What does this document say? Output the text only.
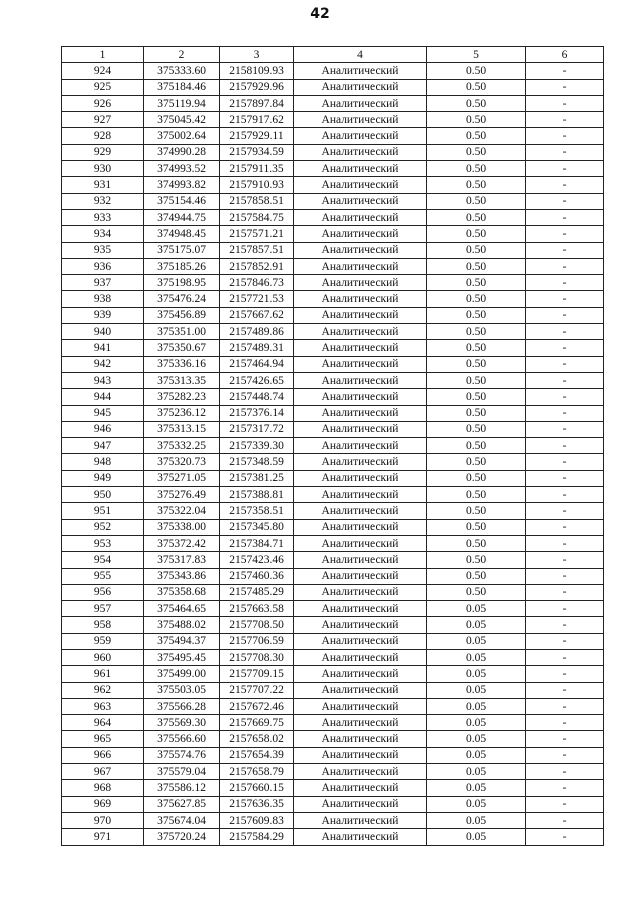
42
1	2	3	4	5	6
924	375333.60	2158109.93	Аналитический	0.50	-
925	375184.46	2157929.96	Аналитический	0.50	-
926	375119.94	2157897.84	Аналитический	0.50	-
927	375045.42	2157917.62	Аналитический	0.50	-
928	375002.64	2157929.11	Аналитический	0.50	-
929	374990.28	2157934.59	Аналитический	0.50	-
930	374993.52	2157911.35	Аналитический	0.50	-
931	374993.82	2157910.93	Аналитический	0.50	-
932	375154.46	2157858.51	Аналитический	0.50	-
933	374944.75	2157584.75	Аналитический	0.50	-
934	374948.45	2157571.21	Аналитический	0.50	-
935	375175.07	2157857.51	Аналитический	0.50	-
936	375185.26	2157852.91	Аналитический	0.50	-
937	375198.95	2157846.73	Аналитический	0.50	-
938	375476.24	2157721.53	Аналитический	0.50	-
939	375456.89	2157667.62	Аналитический	0.50	-
940	375351.00	2157489.86	Аналитический	0.50	-
941	375350.67	2157489.31	Аналитический	0.50	-
942	375336.16	2157464.94	Аналитический	0.50	-
943	375313.35	2157426.65	Аналитический	0.50	-
944	375282.23	2157448.74	Аналитический	0.50	-
945	375236.12	2157376.14	Аналитический	0.50	-
946	375313.15	2157317.72	Аналитический	0.50	-
947	375332.25	2157339.30	Аналитический	0.50	-
948	375320.73	2157348.59	Аналитический	0.50	-
949	375271.05	2157381.25	Аналитический	0.50	-
950	375276.49	2157388.81	Аналитический	0.50	-
951	375322.04	2157358.51	Аналитический	0.50	-
952	375338.00	2157345.80	Аналитический	0.50	-
953	375372.42	2157384.71	Аналитический	0.50	-
954	375317.83	2157423.46	Аналитический	0.50	-
955	375343.86	2157460.36	Аналитический	0.50	-
956	375358.68	2157485.29	Аналитический	0.50	-
957	375464.65	2157663.58	Аналитический	0.05	-
958	375488.02	2157708.50	Аналитический	0.05	-
959	375494.37	2157706.59	Аналитический	0.05	-
960	375495.45	2157708.30	Аналитический	0.05	-
961	375499.00	2157709.15	Аналитический	0.05	-
962	375503.05	2157707.22	Аналитический	0.05	-
963	375566.28	2157672.46	Аналитический	0.05	-
964	375569.30	2157669.75	Аналитический	0.05	-
965	375566.60	2157658.02	Аналитический	0.05	-
966	375574.76	2157654.39	Аналитический	0.05	-
967	375579.04	2157658.79	Аналитический	0.05	-
968	375586.12	2157660.15	Аналитический	0.05	-
969	375627.85	2157636.35	Аналитический	0.05	-
970	375674.04	2157609.83	Аналитический	0.05	-
971	375720.24	2157584.29	Аналитический	0.05	-
